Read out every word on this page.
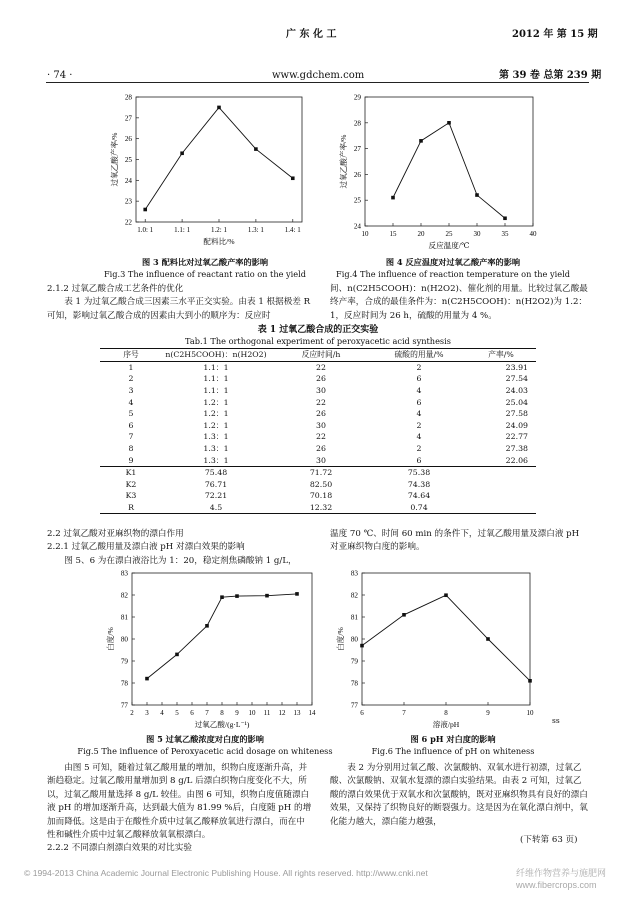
广 东 化 工	2012 年 第 15 期
· 74 ·	www.gdchem.com	第 39 卷 总第 239 期
22
23
24
25
26
27
28
1.0: 1	1.1: 1	1.2: 1	1.3: 1	1.4: 1
配料比/%
过氧乙酸产率/%
图 3 配料比对过氧乙酸产率的影响
Fig.3 The influence of reactant ratio on the yield
24
25
26
27
28
29
10	15	20	25	30	35	40
反应温度/℃
过氧乙酸产率/%
图 4 反应温度对过氧乙酸产率的影响
Fig.4 The influence of reaction temperature on the yield

2.1.2 过氧乙酸合成工艺条件的优化

表 1 为过氧乙酸合成三因素三水平正交实验。由表 1 根据极差 R 可知，影响过氧乙酸合成的因素由大到小的顺序为：反应时

间、n(C2H5COOH)：n(H2O2)、催化剂的用量。比较过氧乙酸最终产率，合成的最佳条件为：n(C2H5COOH)：n(H2O2)为 1.2：1，反应时间为 26 h，硫酸的用量为 4 %。
表 1 过氧乙酸合成的正交实验
Tab.1 The orthogonal experiment of peroxyacetic acid synthesis
序号	n(C2H5COOH)：n(H2O2)	反应时间/h	硫酸的用量/%	产率/%
1	1.1：1	22	2	23.91
2	1.1：1	26	6	27.54
3	1.1：1	30	4	24.03
4	1.2：1	22	6	25.04
5	1.2：1	26	4	27.58
6	1.2：1	30	2	24.09
7	1.3：1	22	4	22.77
8	1.3：1	26	2	27.38
9	1.3：1	30	6	22.06
K1	75.48	71.72	75.38	
K2	76.71	82.50	74.38	
K3	72.21	70.18	74.64	
R	4.5	12.32	0.74	

2.2 过氧乙酸对亚麻织物的漂白作用

2.2.1 过氧乙酸用量及漂白液 pH 对漂白效果的影响

图 5、6 为在漂白液浴比为 1：20，稳定剂焦磷酸钠 1 g/L，

温度 70 ℃、时间 60 min 的条件下，过氧乙酸用量及漂白液 pH 对亚麻织物白度的影响。
77
78
79
80
81
82
83
2 3 4 5 6 7 8 9 10 11 12 13 14
过氧乙酸/(g·L⁻¹)
白度/%
图 5 过氧乙酸浓度对白度的影响
Fig.5 The influence of Peroxyacetic acid dosage on whiteness
77
78
79
80
81
82
83
6	7	8	9	10
溶液/pH
白度/%
ss
图 6 pH 对白度的影响
Fig.6 The influence of pH on whiteness

由图 5 可知，随着过氧乙酸用量的增加，织物白度逐渐升高，并渐趋稳定。过氧乙酸用量增加到 8 g/L 后漂白织物白度变化不大，所以，过氧乙酸用量选择 8 g/L 较佳。由图 6 可知，织物白度值随漂白液 pH 的增加逐渐升高，达到最大值为 81.99 %后，白度随 pH 的增加而降低。这是由于在酸性介质中过氧乙酸释放氧进行漂白，而在中性和碱性介质中过氧乙酸释放氧氧根漂白。

2.2.2 不同漂白剂漂白效果的对比实验

表 2 为分别用过氧乙酸、次氯酸钠、双氧水进行初漂，过氧乙酸、次氯酸钠、双氧水复漂的漂白实验结果。由表 2 可知，过氧乙酸的漂白效果优于双氧水和次氯酸钠，既对亚麻织物具有良好的漂白效果，又保持了织物良好的断裂强力。这是因为在氧化漂白剂中，氧化能力越大，漂白能力越强，

(下转第 63 页)
© 1994-2013 China Academic Journal Electronic Publishing House. All rights reserved. http://www.cnki.net	纤维作物营养与施肥网
www.fibercrops.com
